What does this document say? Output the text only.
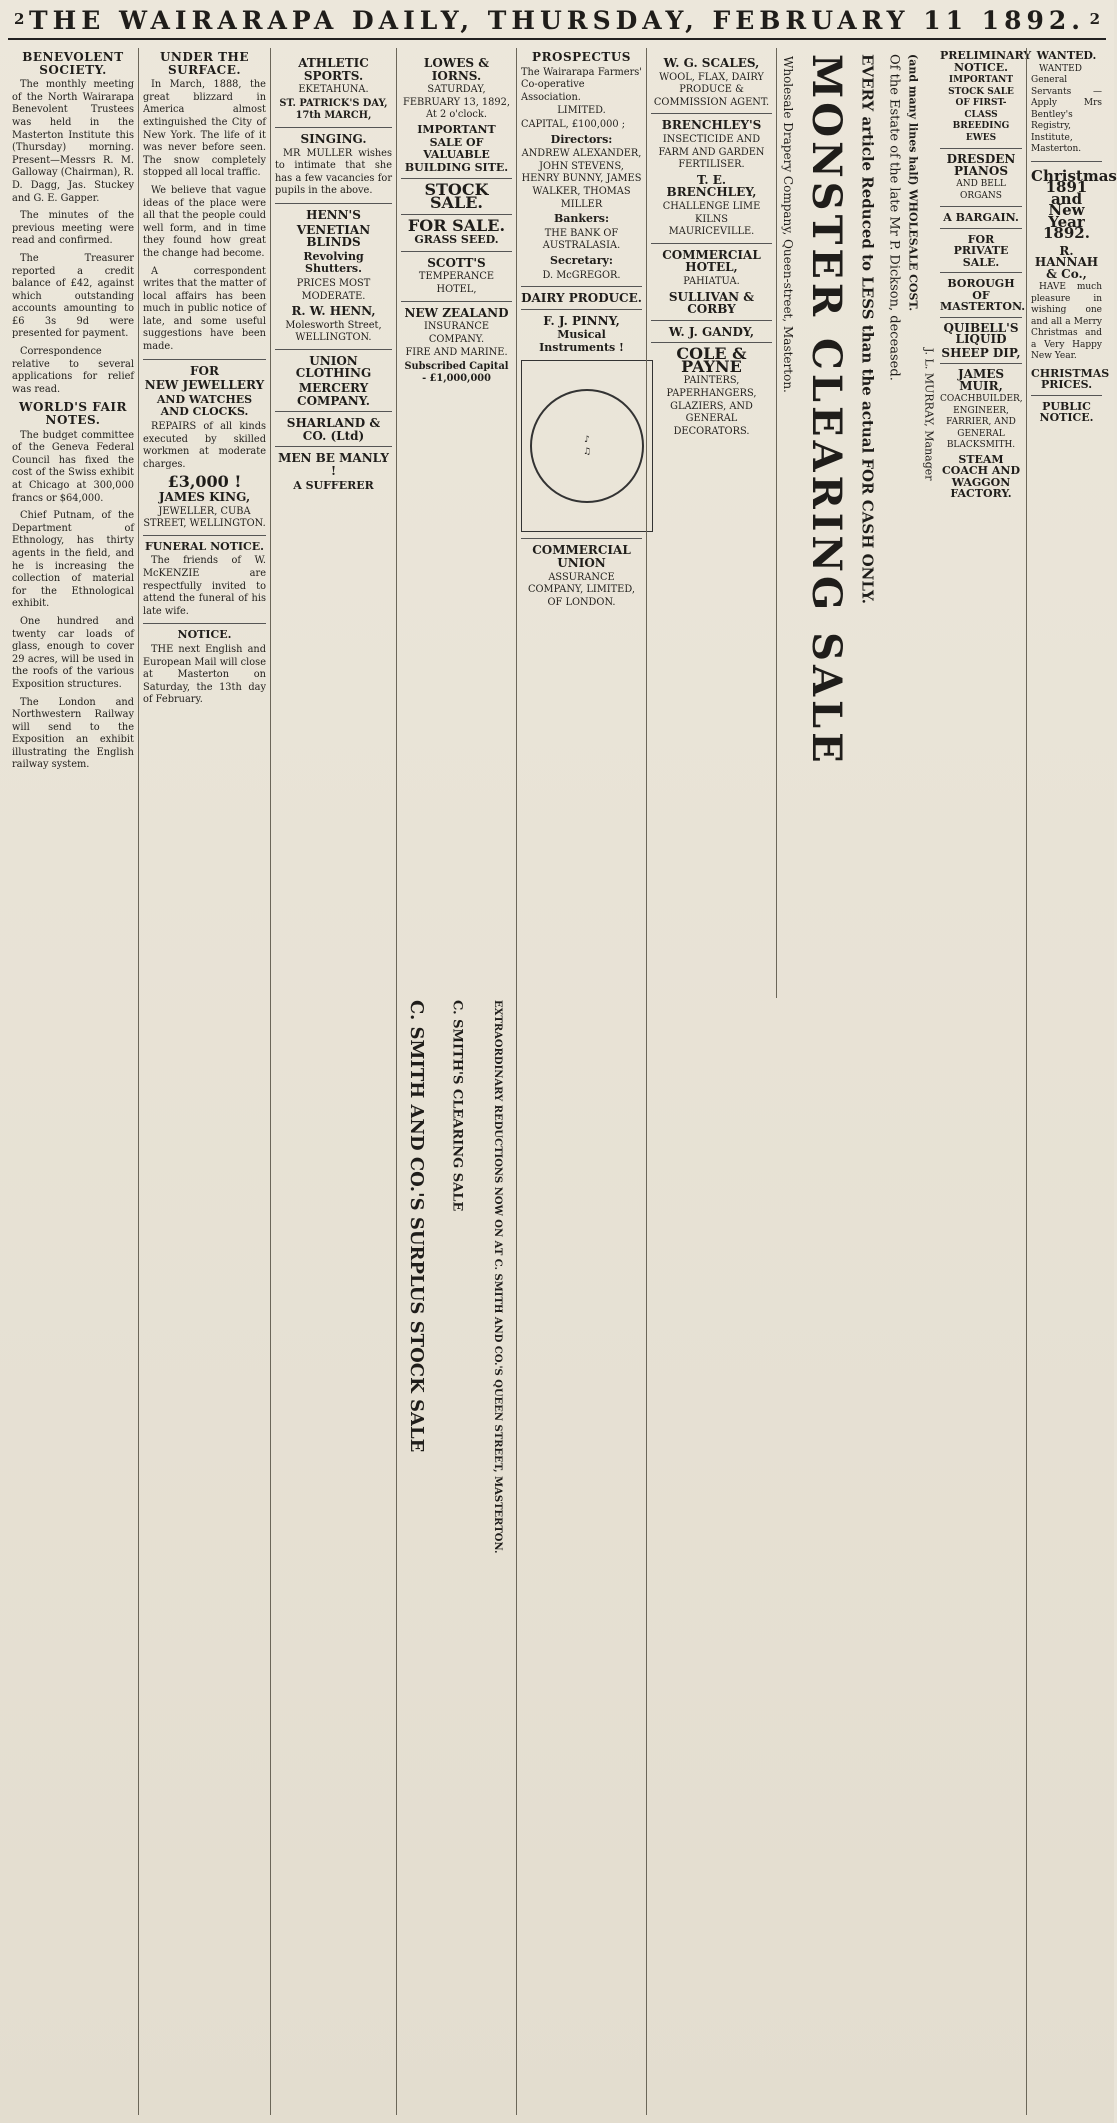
2 THE WAIRARAPA DAILY, THURSDAY, FEBRUARY 11 1892. 2
BENEVOLENT SOCIETY.

The monthly meeting of the North Wairarapa Benevolent Trustees was held in the Masterton Institute this (Thursday) morning. Present—Messrs R. M. Galloway (Chairman), R. D. Dagg, Jas. Stuckey and G. E. Gapper.

The minutes of the previous meeting were read and confirmed.

The Treasurer reported a credit balance of £42, against which outstanding accounts amounting to £6 3s 9d were presented for payment.

Correspondence relative to several applications for relief was read.

WORLD'S FAIR NOTES.

The budget committee of the Geneva Federal Council has fixed the cost of the Swiss exhibit at Chicago at 300,000 francs or $64,000.

Chief Putnam, of the Department of Ethnology, has thirty agents in the field, and he is increasing the collection of material for the Ethnological exhibit.

One hundred and twenty car loads of glass, enough to cover 29 acres, will be used in the roofs of the various Exposition structures.

The London and Northwestern Railway will send to the Exposition an exhibit illustrating the English railway system.

UNDER THE SURFACE.

In March, 1888, the great blizzard in America almost extinguished the City of New York. The life of it was never before seen. The snow completely stopped all local traffic.

We believe that vague ideas of the place were all that the people could well form, and in time they found how great the change had become.

A correspondent writes that the matter of local affairs has been much in public notice of late, and some useful suggestions have been made.

FOR
NEW JEWELLERY
AND WATCHES AND CLOCKS.

REPAIRS of all kinds executed by skilled workmen at moderate charges.

£3,000 !
JAMES KING,

JEWELLER, CUBA STREET, WELLINGTON.

FUNERAL NOTICE.

The friends of W. McKENZIE are respectfully invited to attend the funeral of his late wife.

NOTICE.

THE next English and European Mail will close at Masterton on Saturday, the 13th day of February.

ATHLETIC SPORTS.

EKETAHUNA.

ST. PATRICK'S DAY, 17th MARCH,

SINGING.

MR MULLER wishes to intimate that she has a few vacancies for pupils in the above.

HENN'S
VENETIAN BLINDS
Revolving Shutters.

PRICES MOST MODERATE.

R. W. HENN,

Molesworth Street, WELLINGTON.

UNION CLOTHING
MERCERY COMPANY.
SHARLAND & CO. (Ltd)
MEN BE MANLY !
A SUFFERER
LOWES & IORNS.

SATURDAY, FEBRUARY 13, 1892, At 2 o'clock.

IMPORTANT SALE OF VALUABLE BUILDING SITE.
STOCK SALE.
FOR SALE.
GRASS SEED.
SCOTT'S

TEMPERANCE HOTEL,

NEW ZEALAND

INSURANCE COMPANY.

FIRE AND MARINE.

Subscribed Capital - £1,000,000

PROSPECTUS
The Wairarapa Farmers' Co-operative Association.

LIMITED.

CAPITAL, £100,000 ;
Directors:

ANDREW ALEXANDER, JOHN STEVENS, HENRY BUNNY, JAMES WALKER, THOMAS MILLER

Bankers:

THE BANK OF AUSTRALASIA.

Secretary:

D. McGREGOR.

DAIRY PRODUCE.
F. J. PINNY,
Musical Instruments !
♪
♫
COMMERCIAL UNION

ASSURANCE COMPANY, LIMITED, OF LONDON.

W. G. SCALES,

WOOL, FLAX, DAIRY PRODUCE & COMMISSION AGENT.

BRENCHLEY'S

INSECTICIDE AND FARM AND GARDEN FERTILISER.

T. E. BRENCHLEY,

CHALLENGE LIME KILNS MAURICEVILLE.

COMMERCIAL HOTEL,

PAHIATUA.

SULLIVAN & CORBY
W. J. GANDY,
COLE & PAYNE

PAINTERS, PAPERHANGERS, GLAZIERS, AND GENERAL DECORATORS.

Wholesale Drapery Company, Queen-street, Masterton. MONSTER CLEARING SALE EVERY article Reduced to LESS than the actual FOR CASH ONLY. Of the Estate of the late Mr P. Dickson, deceased. (and many lines half) WHOLESALE COST.
J. L. MURRAY, Manager
C. SMITH AND CO.'S SURPLUS STOCK SALE C. SMITH'S CLEARING SALE	EXTRAORDINARY REDUCTIONS NOW ON AT C. SMITH AND CO.'S QUEEN STREET, MASTERTON.
PRELIMINARY NOTICE.

IMPORTANT STOCK SALE OF FIRST-CLASS BREEDING EWES

DRESDEN PIANOS

AND BELL ORGANS

A BARGAIN.
FOR PRIVATE SALE.
BOROUGH OF MASTERTON.
QUIBELL'S LIQUID
SHEEP DIP,
JAMES MUIR,

COACHBUILDER, ENGINEER, FARRIER, AND GENERAL BLACKSMITH.

STEAM COACH AND WAGGON FACTORY.
WANTED.

WANTED General Servants — Apply Mrs Bentley's Registry, Institute, Masterton.

Christmas 1891 and New Year 1892.
R. HANNAH & Co.,

HAVE much pleasure in wishing one and all a Merry Christmas and a Very Happy New Year.

CHRISTMAS PRICES.
PUBLIC NOTICE.
